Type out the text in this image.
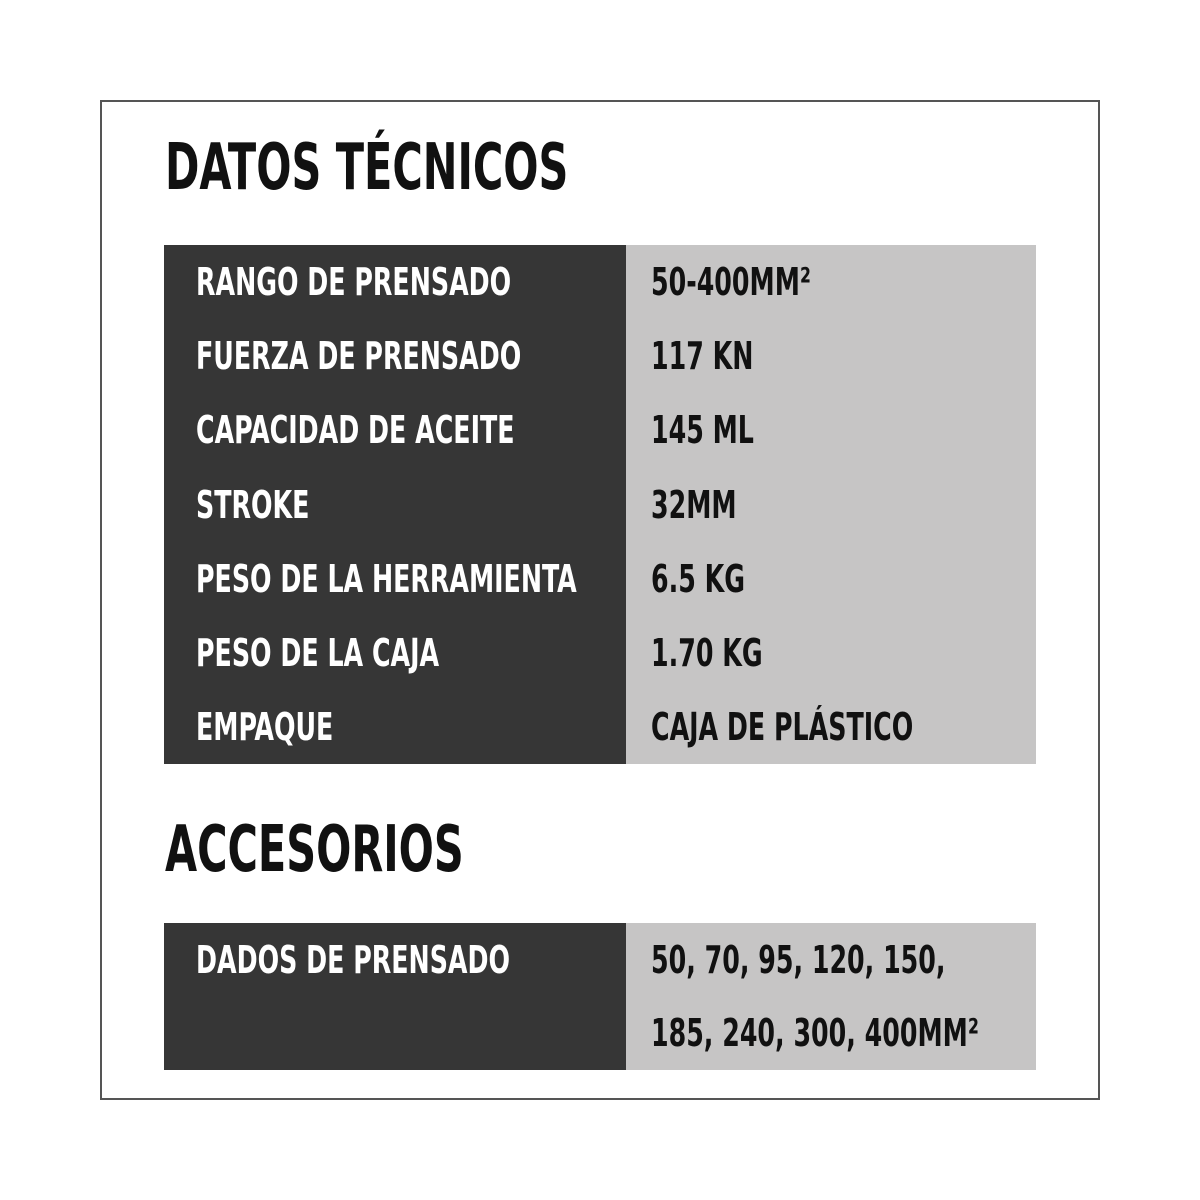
DATOS TÉCNICOS
RANGO DE PRENSADO
FUERZA DE PRENSADO
CAPACIDAD DE ACEITE
STROKE
PESO DE LA HERRAMIENTA
PESO DE LA CAJA
EMPAQUE
50-400MM²
117 KN
145 ML
32MM
6.5 KG
1.70 KG
CAJA DE PLÁSTICO
ACCESORIOS
DADOS DE PRENSADO	50, 70, 95, 120, 150,
185, 240, 300, 400MM²
